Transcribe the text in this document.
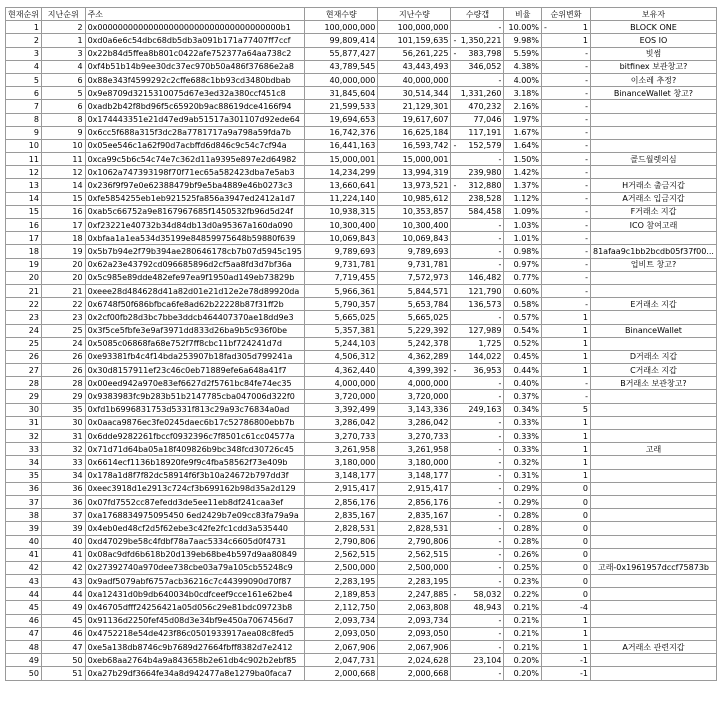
현재순위	지난순위	주소	현재수량	지난수량	수량갭	비율	순위변화	보유자
1	2	0x000000000000000000000000000000000000b1	100,000,000	100,000,000	-	10.00%	- 1	BLOCK ONE
2	1	0xd0a6e6c54dbc68db5db3a091b171a77407ff7ccf	99,809,414	101,159,635	- 1,350,221	9.98%	1	EOS IO
3	3	0x22b84d5ffea8b801c0422afe752377a64aa738c2	55,877,427	56,261,225	- 383,798	5.59%	-	빗썸
4	4	0xf4b51b14b9ee30dc37ec970b50a486f37686e2a8	43,789,545	43,443,493	346,052	4.38%	-	bitfinex 보관창고?
5	6	0x88e343f4599292c2cffe688c1bb93cd3480bdbab	40,000,000	40,000,000	-	4.00%	-	이소레 추정?
6	5	0x9e8709d3215310075d67e3ed32a380ccf451c8	31,845,604	30,514,344	1,331,260	3.18%	-	BinanceWallet 창고?
7	6	0xadb2b42f8bd96f5c65920b9ac88619dce4166f94	21,599,533	21,129,301	470,232	2.16%	-	
8	8	0x174443351e21d47ed9ab51517a301107d92ede64	19,694,653	19,617,607	77,046	1.97%	-	
9	9	0x6cc5f688a315f3dc28a7781717a9a798a59fda7b	16,742,376	16,625,184	117,191	1.67%	-	
10	10	0x05ee546c1a62f90d7acbffd6d846c9c54c7cf94a	16,441,163	16,593,742	- 152,579	1.64%	-	
11	11	0xca99c5b6c54c74e7c362d11a9395e897e2d64982	15,000,001	15,000,001	-	1.50%	-	콜드월렛의심
12	12	0x1062a747393198f70f71ec65a582423dba7e5ab3	14,234,299	13,994,319	239,980	1.42%	-	
13	14	0x236f9f97e0e62388479bf9e5ba4889e46b0273c3	13,660,641	13,973,521	- 312,880	1.37%	-	H거래소 출금지갑
14	15	0xfe5854255eb1eb921525fa856a3947ed2412a1d7	11,224,140	10,985,612	238,528	1.12%	-	A거래소 입금지갑
15	16	0xab5c66752a9e8167967685f1450532fb96d5d24f	10,938,315	10,353,857	584,458	1.09%	-	F거래소 지갑
16	17	0xf23221e40732b34d84db13d0a95367a160da090	10,300,400	10,300,400	-	1.03%	-	ICO 참여고래
17	18	0xbfaa1a1ea534d35199e84859975648b59880f639	10,069,843	10,069,843	-	1.01%	-	
18	19	0x5b7b94e2f79b394ae280646178cb7b07d5945c195	9,789,693	9,789,693	-	0.98%	-	81afaa9c1bb2bcdb05f37f00...
19	20	0x62a23e43792cd096685896d2cf5aa8fd3d7bf36a	9,731,781	9,731,781	-	0.97%	-	업비트 창고?
20	20	0x5c985e89dde482efe97ea9f1950ad149eb73829b	7,719,455	7,572,973	146,482	0.77%	-	
21	21	0xeee28d484628d41a82d01e21d12e2e78d89920da	5,966,361	5,844,571	121,790	0.60%	-	
22	22	0x6748f50f686bfbca6fe8ad62b22228b87f31ff2b	5,790,357	5,653,784	136,573	0.58%	-	E거래소 지갑
23	23	0x2cf00fb28d3bc7bbe3ddcb464407370ae18dd9e3	5,665,025	5,665,025	-	0.57%	1	
24	25	0x3f5ce5fbfe3e9af3971dd833d26ba9b5c936f0be	5,357,381	5,229,392	127,989	0.54%	1	BinanceWallet
25	24	0x5085c06868fa68e752f7ff8cbc11bf724241d7d	5,244,103	5,242,378	1,725	0.52%	1	
26	26	0xe93381fb4c4f14bda253907b18fad305d799241a	4,506,312	4,362,289	144,022	0.45%	1	D거래소 지갑
27	26	0x30d8157911ef23c46c0eb71889efe6a648a41f7	4,362,440	4,399,392	- 36,953	0.44%	1	C거래소 지갑
28	28	0x00eed942a970e83ef6627d2f5761bc84fe74ec35	4,000,000	4,000,000	-	0.40%	-	B거래소 보관창고?
29	29	0x9383983fc9b283b51b2147785cba047006d322f0	3,720,000	3,720,000	-	0.37%	-	
30	35	0xfd1b6996831753d5331f813c29a93c76834a0ad	3,392,499	3,143,336	249,163	0.34%	5	
31	30	0x0aaca9876ec3fe0245daec6b17c52786800ebb7b	3,286,042	3,286,042	-	0.33%	1	
32	31	0x6dde9282261fbccf0932396c7f8501c61cc04577a	3,270,733	3,270,733	-	0.33%	1	
33	32	0x71d71d64ba05a18f409826b9bc348fcd30726c45	3,261,958	3,261,958	-	0.33%	1	고래
34	33	0x6614ecf1136b18920fe9f9c4fba58562f73e409b	3,180,000	3,180,000	-	0.32%	1	
35	34	0x178a1d8f7f82dc58914f6f3b10a24672b797dd3f	3,148,177	3,148,177	-	0.31%	1	
36	36	0xeec3918d1e2913c724cf3b699162b98d35a2d129	2,915,417	2,915,417	-	0.29%	0	
37	36	0x07fd7552cc87efedd3de5ee11eb8df241caa3ef	2,856,176	2,856,176	-	0.29%	0	
38	37	0xa1768834975095450 6ed2429b7e09cc83fa79a9a	2,835,167	2,835,167	-	0.28%	0	
39	39	0x4eb0ed48cf2d5f62ebe3c42fe2fc1cdd3a535440	2,828,531	2,828,531	-	0.28%	0	
40	40	0xd47029be58c4fdbf78a7aac5334c6605d0f4731	2,790,806	2,790,806	-	0.28%	0	
41	41	0x08ac9dfd6b618b20d139eb68be4b597d9aa80849	2,562,515	2,562,515	-	0.26%	0	
42	42	0x27392740a970dee738cbe03a79a105cb55248c9	2,500,000	2,500,000	-	0.25%	0	고래-0x1961957dccf75873b
43	43	0x9adf5079abf6757acb36216c7c44399090d70f87	2,283,195	2,283,195	-	0.23%	0	
44	44	0xa12431d0b9db640034b0cdfceef9cce161e62be4	2,189,853	2,247,885	- 58,032	0.22%	0	
45	49	0x46705dfff24256421a05d056c29e81bdc09723b8	2,112,750	2,063,808	48,943	0.21%	-4	
46	45	0x91136d2250fef45d08d3e34bf9e450a7067456d7	2,093,734	2,093,734	-	0.21%	1	
47	46	0x4752218e54de423f86c0501933917aea08c8fed5	2,093,050	2,093,050	-	0.21%	1	
48	47	0xe5a138db8746c9b7689d27664fbff8382d7e2412	2,067,906	2,067,906	-	0.21%	1	A거래소 관련지갑
49	50	0xeb68aa2764b4a9a843658b2e61db4c902b2ebf85	2,047,731	2,024,628	23,104	0.20%	-1	
50	51	0xa27b29df3664fe34a8d942477a8e1279ba0faca7	2,000,668	2,000,668	-	0.20%	-1	
